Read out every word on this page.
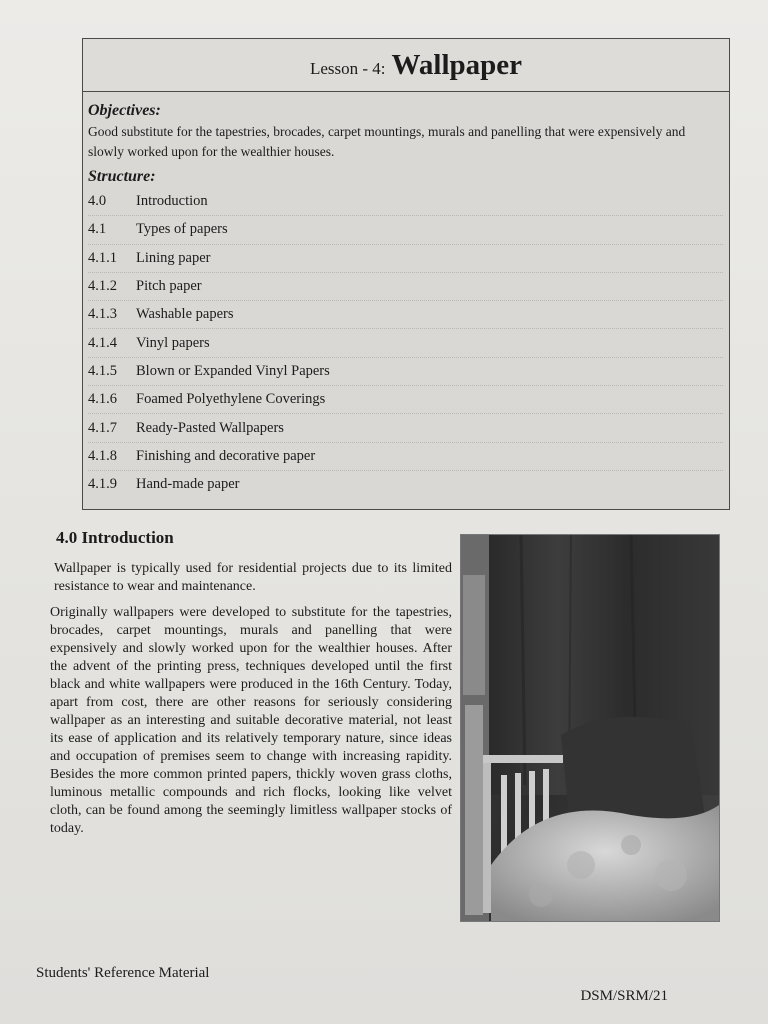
Lesson - 4: Wallpaper
Objectives:

Good substitute for the tapestries, brocades, carpet mountings, murals and panelling that were expensively and slowly worked upon for the wealthier houses.

Structure:
4.0	Introduction
4.1	Types of papers
4.1.1	Lining paper
4.1.2	Pitch paper
4.1.3	Washable papers
4.1.4	Vinyl papers
4.1.5	Blown or Expanded Vinyl Papers
4.1.6	Foamed Polyethylene Coverings
4.1.7	Ready-Pasted Wallpapers
4.1.8	Finishing and decorative paper
4.1.9	Hand-made paper
4.0 Introduction

Wallpaper is typically used for residential projects due to its limited resistance to wear and maintenance.

Originally wallpapers were developed to substitute for the tapestries, brocades, carpet mountings, murals and panelling that were expensively and slowly worked upon for the wealthier houses. After the advent of the printing press, techniques developed until the first black and white wallpapers were produced in the 16th Century. Today, apart from cost, there are other reasons for seriously considering wallpaper as an interesting and suitable decorative material, not least its ease of application and its relatively temporary nature, since ideas and occupation of premises seem to change with increasing rapidity. Besides the more common printed papers, thickly woven grass cloths, luminous metallic compounds and rich flocks, looking like velvet cloth, can be found among the seemingly limitless wallpaper stocks of today.

Students' Reference Material
DSM/SRM/21
